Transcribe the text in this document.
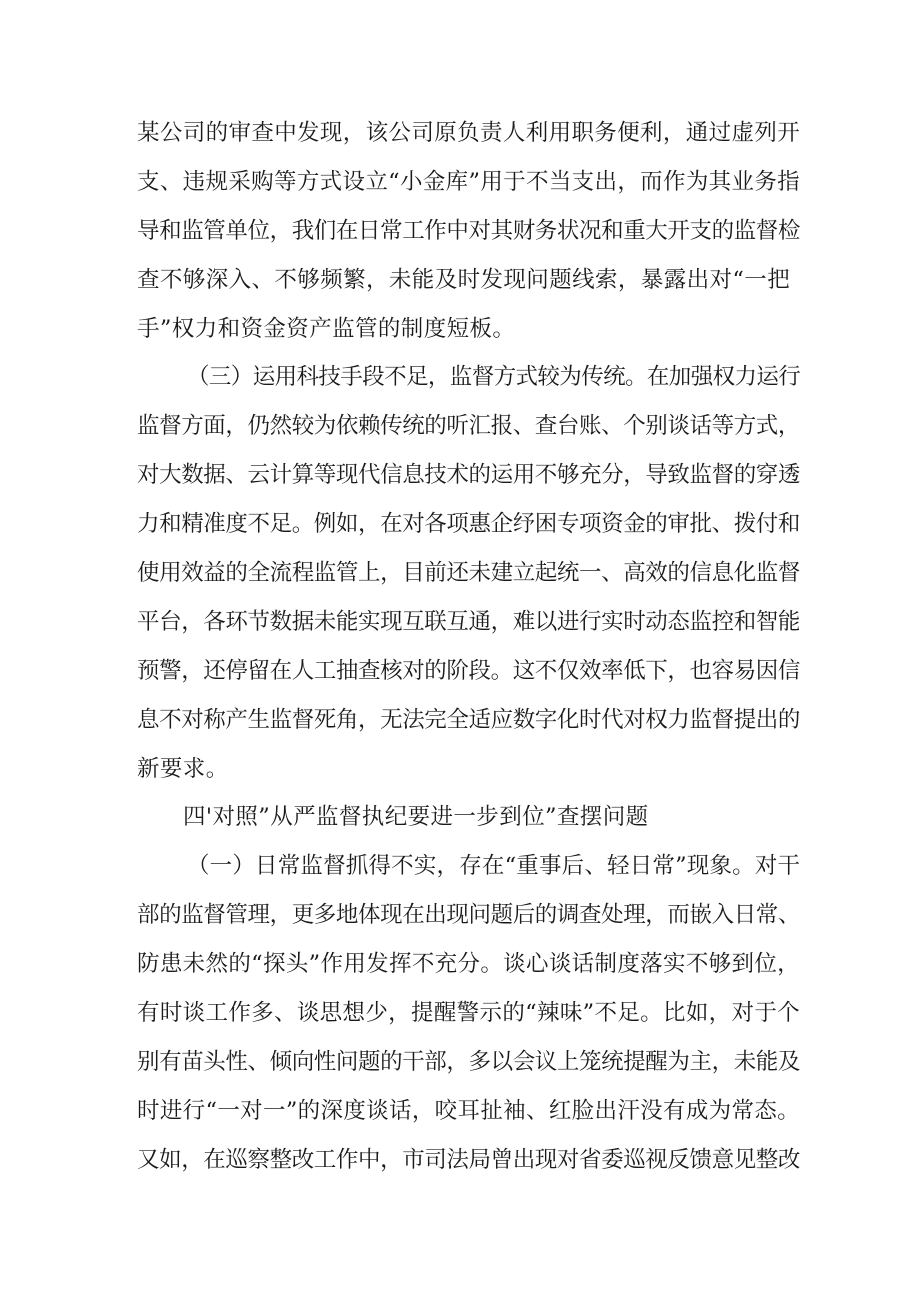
某公司的审查中发现，该公司原负责人利用职务便利，通过虚列开
支、违规采购等方式设立“小金库”用于不当支出，而作为其业务指
导和监管单位，我们在日常工作中对其财务状况和重大开支的监督检
查不够深入、不够频繁，未能及时发现问题线索，暴露出对“一把
手”权力和资金资产监管的制度短板。
（三）运用科技手段不足，监督方式较为传统。在加强权力运行
监督方面，仍然较为依赖传统的听汇报、查台账、个别谈话等方式，
对大数据、云计算等现代信息技术的运用不够充分，导致监督的穿透
力和精准度不足。例如，在对各项惠企纾困专项资金的审批、拨付和
使用效益的全流程监管上，目前还未建立起统一、高效的信息化监督
平台，各环节数据未能实现互联互通，难以进行实时动态监控和智能
预警，还停留在人工抽查核对的阶段。这不仅效率低下，也容易因信
息不对称产生监督死角，无法完全适应数字化时代对权力监督提出的
新要求。
四'对照”从严监督执纪要进一步到位”查摆问题
（一）日常监督抓得不实，存在“重事后、轻日常”现象。对干
部的监督管理，更多地体现在出现问题后的调查处理，而嵌入日常、
防患未然的“探头”作用发挥不充分。谈心谈话制度落实不够到位，
有时谈工作多、谈思想少，提醒警示的“辣味”不足。比如，对于个
别有苗头性、倾向性问题的干部，多以会议上笼统提醒为主，未能及
时进行“一对一”的深度谈话，咬耳扯袖、红脸出汗没有成为常态。
又如，在巡察整改工作中，市司法局曾出现对省委巡视反馈意见整改
